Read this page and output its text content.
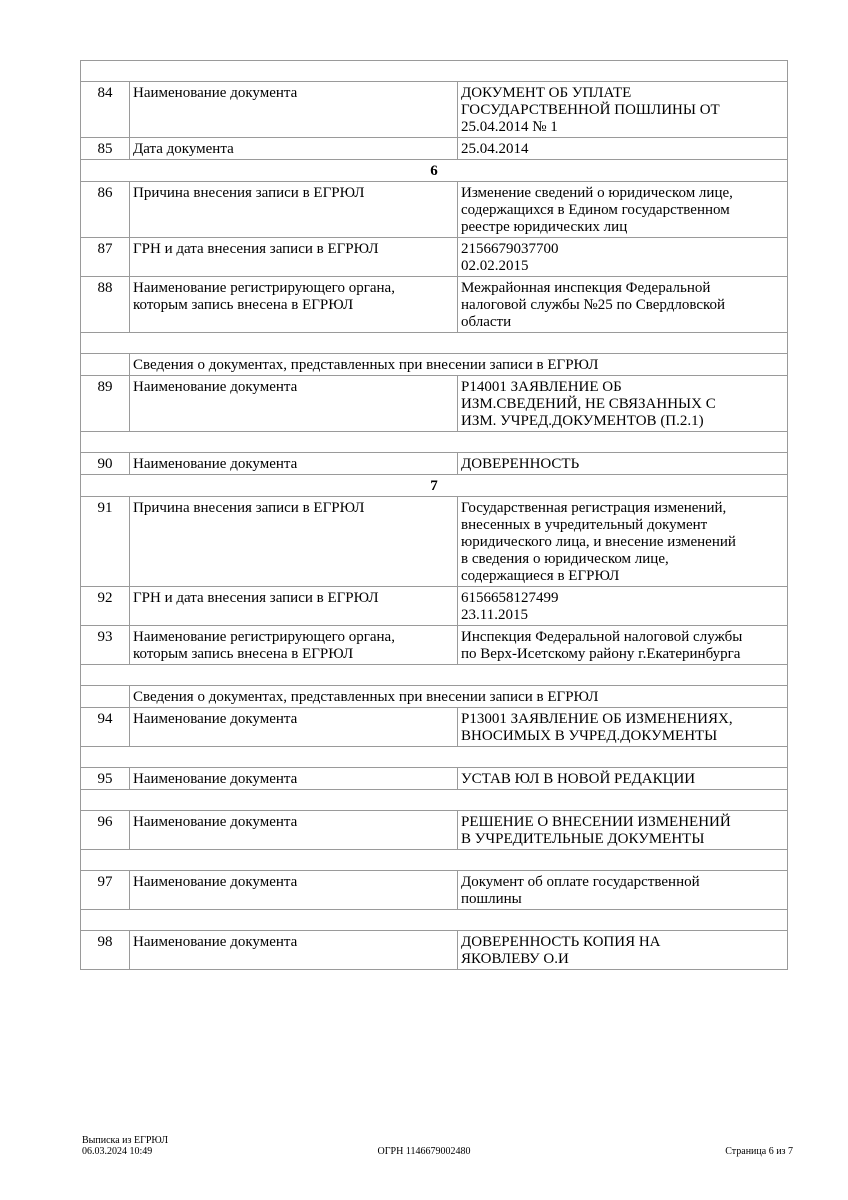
84	Наименование документа	ДОКУМЕНТ ОБ УПЛАТЕ
ГОСУДАРСТВЕННОЙ ПОШЛИНЫ ОТ
25.04.2014 № 1
85	Дата документа	25.04.2014
6		
86	Причина внесения записи в ЕГРЮЛ	Изменение сведений о юридическом лице,
содержащихся в Едином государственном
реестре юридических лиц
87	ГРН и дата внесения записи в ЕГРЮЛ	2156679037700
02.02.2015
88	Наименование регистрирующего органа,
которым запись внесена в ЕГРЮЛ	Межрайонная инспекция Федеральной
налоговой службы №25 по Свердловской
области

	Сведения о документах, представленных при внесении записи в ЕГРЮЛ	
89	Наименование документа	Р14001 ЗАЯВЛЕНИЕ ОБ
ИЗМ.СВЕДЕНИЙ, НЕ СВЯЗАННЫХ С
ИЗМ. УЧРЕД.ДОКУМЕНТОВ (П.2.1)

90	Наименование документа	ДОВЕРЕННОСТЬ
7		
91	Причина внесения записи в ЕГРЮЛ	Государственная регистрация изменений,
внесенных в учредительный документ
юридического лица, и внесение изменений
в сведения о юридическом лице,
содержащиеся в ЕГРЮЛ
92	ГРН и дата внесения записи в ЕГРЮЛ	6156658127499
23.11.2015
93	Наименование регистрирующего органа,
которым запись внесена в ЕГРЮЛ	Инспекция Федеральной налоговой службы
по Верх-Исетскому району г.Екатеринбурга

	Сведения о документах, представленных при внесении записи в ЕГРЮЛ	
94	Наименование документа	Р13001 ЗАЯВЛЕНИЕ ОБ ИЗМЕНЕНИЯХ,
ВНОСИМЫХ В УЧРЕД.ДОКУМЕНТЫ

95	Наименование документа	УСТАВ ЮЛ В НОВОЙ РЕДАКЦИИ

96	Наименование документа	РЕШЕНИЕ О ВНЕСЕНИИ ИЗМЕНЕНИЙ
В УЧРЕДИТЕЛЬНЫЕ ДОКУМЕНТЫ

97	Наименование документа	Документ об оплате государственной
пошлины

98	Наименование документа	ДОВЕРЕННОСТЬ КОПИЯ НА
ЯКОВЛЕВУ О.И
Выписка из ЕГРЮЛ
06.03.2024 10:49	ОГРН 1146679002480	Страница 6 из 7
